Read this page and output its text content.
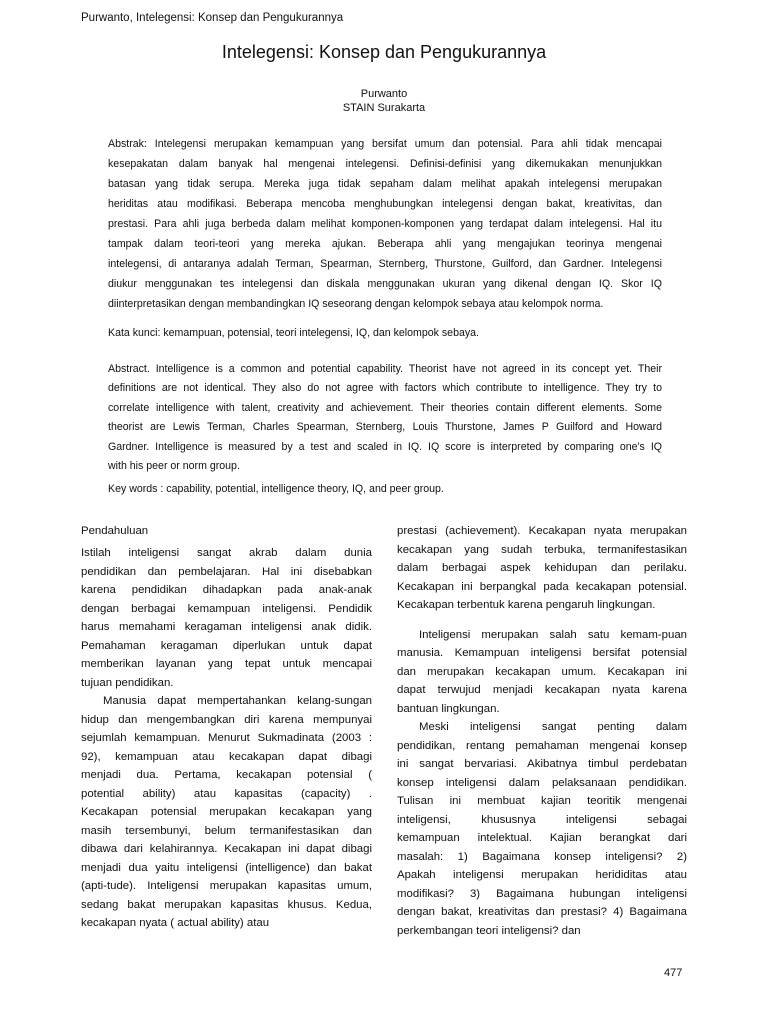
Purwanto, Intelegensi: Konsep dan Pengukurannya
Intelegensi: Konsep dan Pengukurannya
Purwanto
STAIN Surakarta
Abstrak: Intelegensi merupakan kemampuan yang bersifat umum dan potensial. Para ahli tidak mencapai
kesepakatan dalam banyak hal mengenai intelegensi. Definisi-definisi yang dikemukakan menunjukkan
batasan yang tidak serupa. Mereka juga tidak sepaham dalam melihat apakah intelegensi merupakan
heriditas atau modifikasi. Beberapa mencoba menghubungkan intelegensi dengan bakat, kreativitas, dan
prestasi. Para ahli juga berbeda dalam melihat komponen-komponen yang terdapat dalam intelegensi. Hal itu
tampak dalam teori-teori yang mereka ajukan. Beberapa ahli yang mengajukan teorinya mengenai
intelegensi, di antaranya adalah Terman, Spearman, Sternberg, Thurstone, Guilford, dan Gardner. Intelegensi
diukur menggunakan tes intelegensi dan diskala menggunakan ukuran yang dikenal dengan IQ. Skor IQ
diinterpretasikan dengan membandingkan IQ seseorang dengan kelompok sebaya atau kelompok norma.
Kata kunci: kemampuan, potensial, teori intelegensi, IQ, dan kelompok sebaya.
Abstract. Intelligence is a common and potential capability. Theorist have not agreed in its concept yet. Their
definitions are not identical. They also do not agree with factors which contribute to intelligence. They try to
correlate intelligence with talent, creativity and achievement. Their theories contain different elements. Some
theorist are Lewis Terman, Charles Spearman, Sternberg, Louis Thurstone, James P Guilford and Howard
Gardner. Intelligence is measured by a test and scaled in IQ. IQ score is interpreted by comparing one's IQ
with his peer or norm group.
Key words : capability, potential, intelligence theory, IQ, and peer group.
Pendahuluan
Istilah inteligensi sangat akrab dalam dunia
pendidikan dan pembelajaran. Hal ini disebabkan
karena pendidikan dihadapkan pada anak-anak
dengan berbagai kemampuan inteligensi. Pendidik
harus memahami keragaman inteligensi anak didik.
Pemahaman keragaman diperlukan untuk dapat
memberikan layanan yang tepat untuk mencapai
tujuan pendidikan.
Manusia dapat mempertahankan kelang-sungan
hidup dan mengembangkan diri karena mempunyai
sejumlah kemampuan. Menurut Sukmadinata (2003 :
92), kemampuan atau kecakapan dapat dibagi
menjadi dua. Pertama, kecakapan potensial (
potential ability) atau kapasitas (capacity) .
Kecakapan potensial merupakan kecakapan yang
masih tersembunyi, belum termanifestasikan dan
dibawa dari kelahirannya. Kecakapan ini dapat dibagi
menjadi dua yaitu inteligensi (intelligence) dan bakat
(apti-tude). Inteligensi merupakan kapasitas umum,
sedang bakat merupakan kapasitas khusus. Kedua,
kecakapan nyata ( actual ability) atau
prestasi (achievement). Kecakapan nyata merupakan
kecakapan yang sudah terbuka, termanifestasikan
dalam berbagai aspek kehidupan dan perilaku.
Kecakapan ini berpangkal pada kecakapan potensial.
Kecakapan terbentuk karena pengaruh lingkungan.
Inteligensi merupakan salah satu kemam-puan
manusia. Kemampuan inteligensi bersifat potensial
dan merupakan kecakapan umum. Kecakapan ini
dapat terwujud menjadi kecakapan nyata karena
bantuan lingkungan.
Meski inteligensi sangat penting dalam
pendidikan, rentang pemahaman mengenai konsep
ini sangat bervariasi. Akibatnya timbul perdebatan
konsep inteligensi dalam pelaksanaan pendidikan.
Tulisan ini membuat kajian teoritik mengenai
inteligensi, khususnya inteligensi sebagai
kemampuan intelektual. Kajian berangkat dari
masalah: 1) Bagaimana konsep inteligensi? 2)
Apakah inteligensi merupakan herididitas atau
modifikasi? 3) Bagaimana hubungan inteligensi
dengan bakat, kreativitas dan prestasi? 4) Bagaimana
perkembangan teori inteligensi? dan
477
